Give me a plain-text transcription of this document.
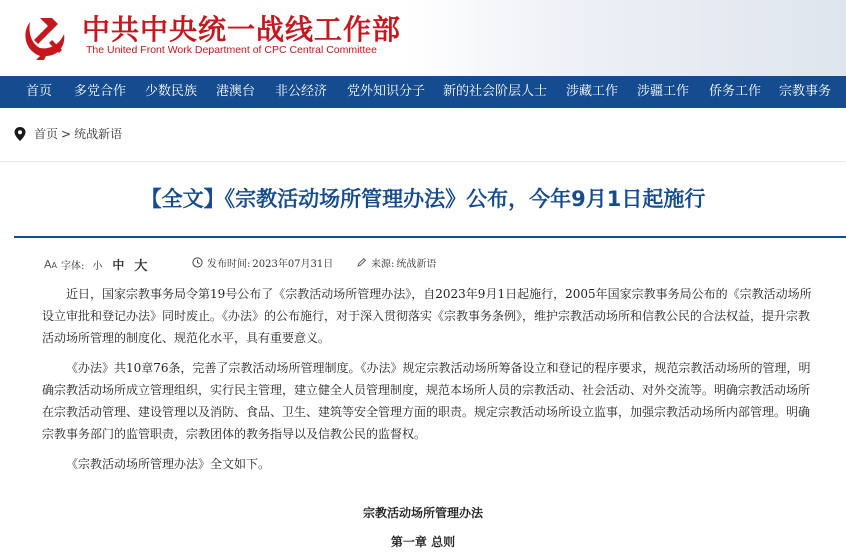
中共中央统一战线工作部
The United Front Work Department of CPC Central Committee
首页 多党合作 少数民族 港澳台 非公经济 党外知识分子 新的社会阶层人士 涉藏工作 涉疆工作 侨务工作 宗教事务
首页 > 统战新语
【全文】《宗教活动场所管理办法》公布，今年9月1日起施行
AA 字体: 小 中 大	发布时间: 2023年07月31日	来源: 统战新语

近日，国家宗教事务局令第19号公布了《宗教活动场所管理办法》，自2023年9月1日起施行，2005年国家宗教事务局公布的《宗教活动场所设立审批和登记办法》同时废止。《办法》的公布施行，对于深入贯彻落实《宗教事务条例》，维护宗教活动场所和信教公民的合法权益，提升宗教活动场所管理的制度化、规范化水平，具有重要意义。

《办法》共10章76条，完善了宗教活动场所管理制度。《办法》规定宗教活动场所筹备设立和登记的程序要求，规范宗教活动场所的管理，明确宗教活动场所成立管理组织，实行民主管理，建立健全人员管理制度，规范本场所人员的宗教活动、社会活动、对外交流等。明确宗教活动场所在宗教活动管理、建设管理以及消防、食品、卫生、建筑等安全管理方面的职责。规定宗教活动场所设立监事，加强宗教活动场所内部管理。明确宗教事务部门的监管职责，宗教团体的教务指导以及信教公民的监督权。

《宗教活动场所管理办法》全文如下。

宗教活动场所管理办法
第一章 总则
